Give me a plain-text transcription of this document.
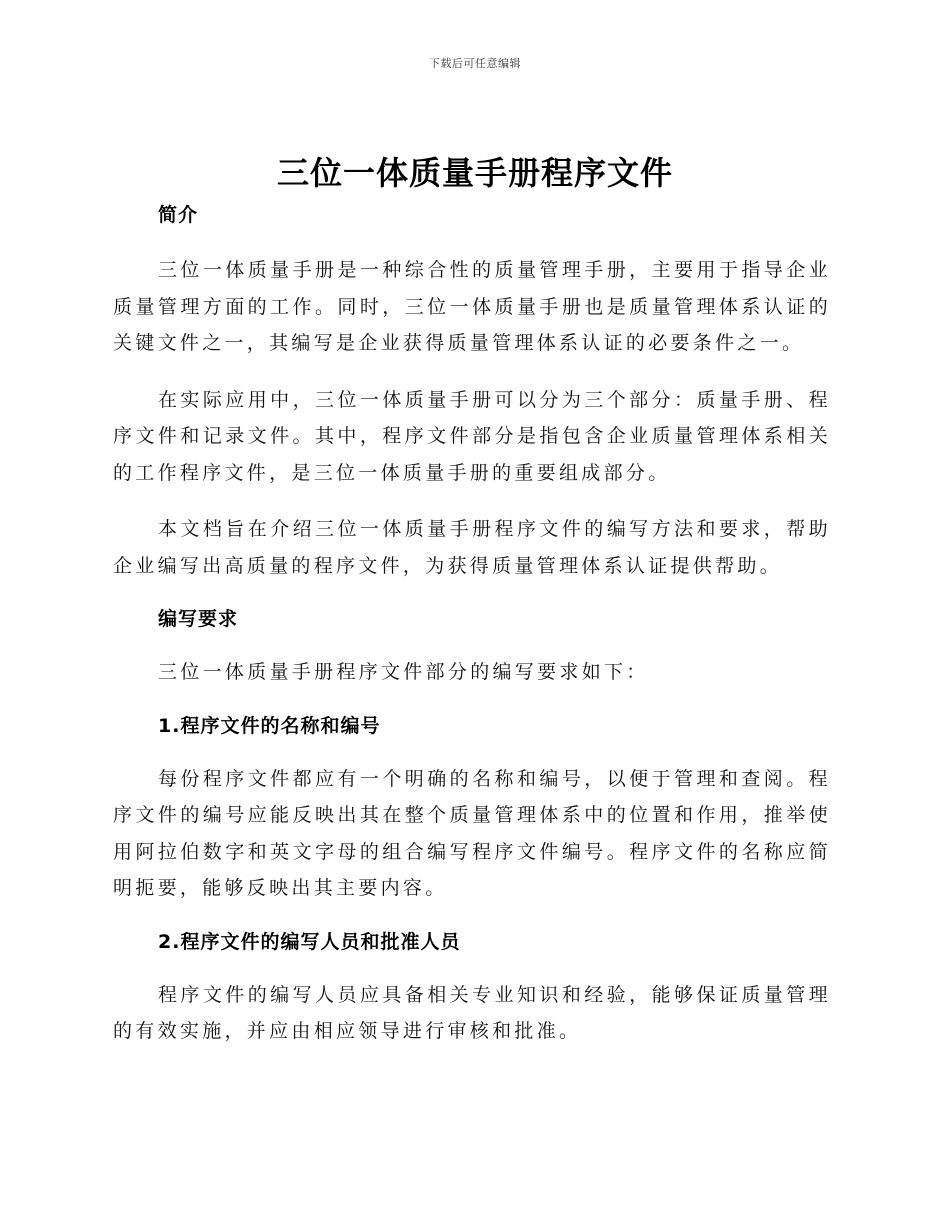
下载后可任意编辑
三位一体质量手册程序文件

简介

三位一体质量手册是一种综合性的质量管理手册，主要用于指导企业质量管理方面的工作。同时，三位一体质量手册也是质量管理体系认证的关键文件之一，其编写是企业获得质量管理体系认证的必要条件之一。

在实际应用中，三位一体质量手册可以分为三个部分：质量手册、程序文件和记录文件。其中，程序文件部分是指包含企业质量管理体系相关的工作程序文件，是三位一体质量手册的重要组成部分。

本文档旨在介绍三位一体质量手册程序文件的编写方法和要求，帮助企业编写出高质量的程序文件，为获得质量管理体系认证提供帮助。

编写要求

三位一体质量手册程序文件部分的编写要求如下：

1.程序文件的名称和编号

每份程序文件都应有一个明确的名称和编号，以便于管理和查阅。程序文件的编号应能反映出其在整个质量管理体系中的位置和作用，推举使用阿拉伯数字和英文字母的组合编写程序文件编号。程序文件的名称应简明扼要，能够反映出其主要内容。

2.程序文件的编写人员和批准人员

程序文件的编写人员应具备相关专业知识和经验，能够保证质量管理的有效实施，并应由相应领导进行审核和批准。
